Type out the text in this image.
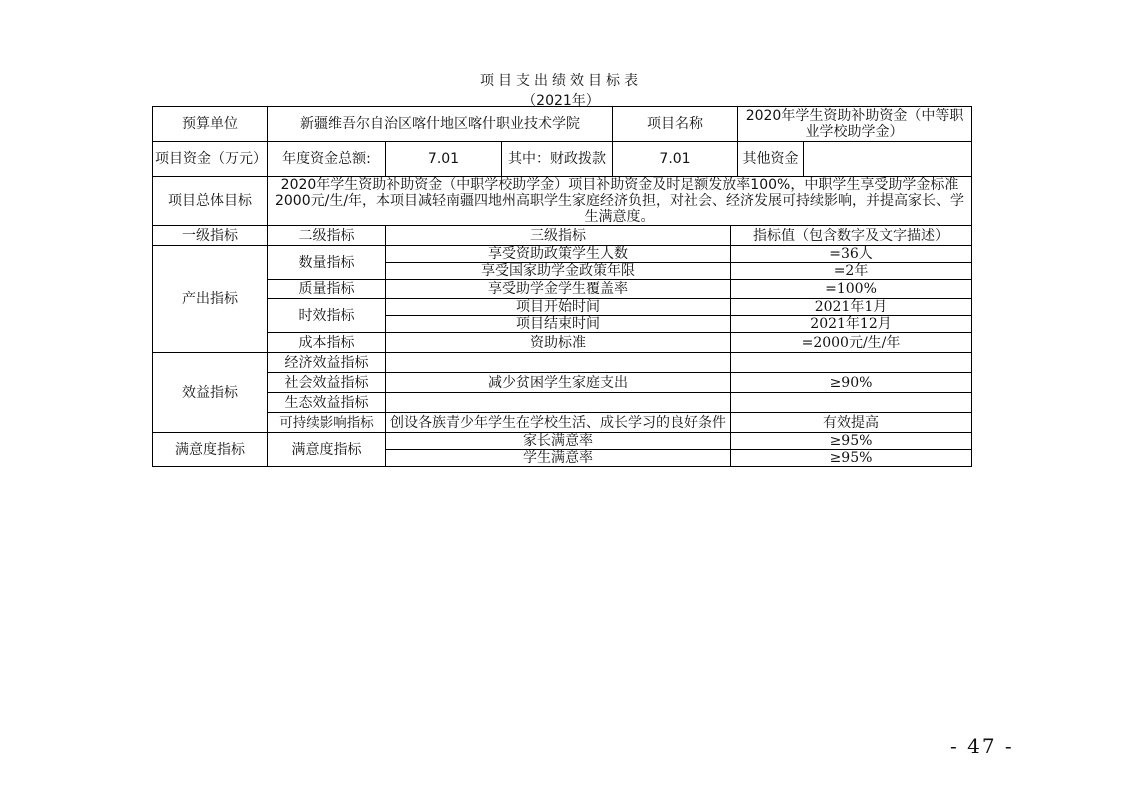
项目支出绩效目标表
（2021年）
预算单位	新疆维吾尔自治区喀什地区喀什职业技术学院			项目名称		2020年学生资助补助资金（中等职业学校助学金）	
项目资金（万元）	年度资金总额:	7.01	其中：财政拨款	7.01		其他资金	
项目总体目标	2020年学生资助补助资金（中职学校助学金）项目补助资金及时足额发放率100%，中职学生享受助学金标准2000元/生/年，本项目减轻南疆四地州高职学生家庭经济负担，对社会、经济发展可持续影响，并提高家长、学生满意度。						
一级指标	二级指标	三级指标			指标值（包含数字及文字描述）		
产出指标	数量指标	享受资助政策学生人数			=36人		
		享受国家助学金政策年限			=2年		
	质量指标	享受助学金学生覆盖率			=100%		
	时效指标	项目开始时间			2021年1月		
		项目结束时间			2021年12月		
	成本指标	资助标准			=2000元/生/年		
效益指标	经济效益指标						
	社会效益指标	减少贫困学生家庭支出			≥90%		
	生态效益指标						
	可持续影响指标	创设各族青少年学生在学校生活、成长学习的良好条件			有效提高		
满意度指标	满意度指标	家长满意率			≥95%		
		学生满意率			≥95%		
- 47 -
